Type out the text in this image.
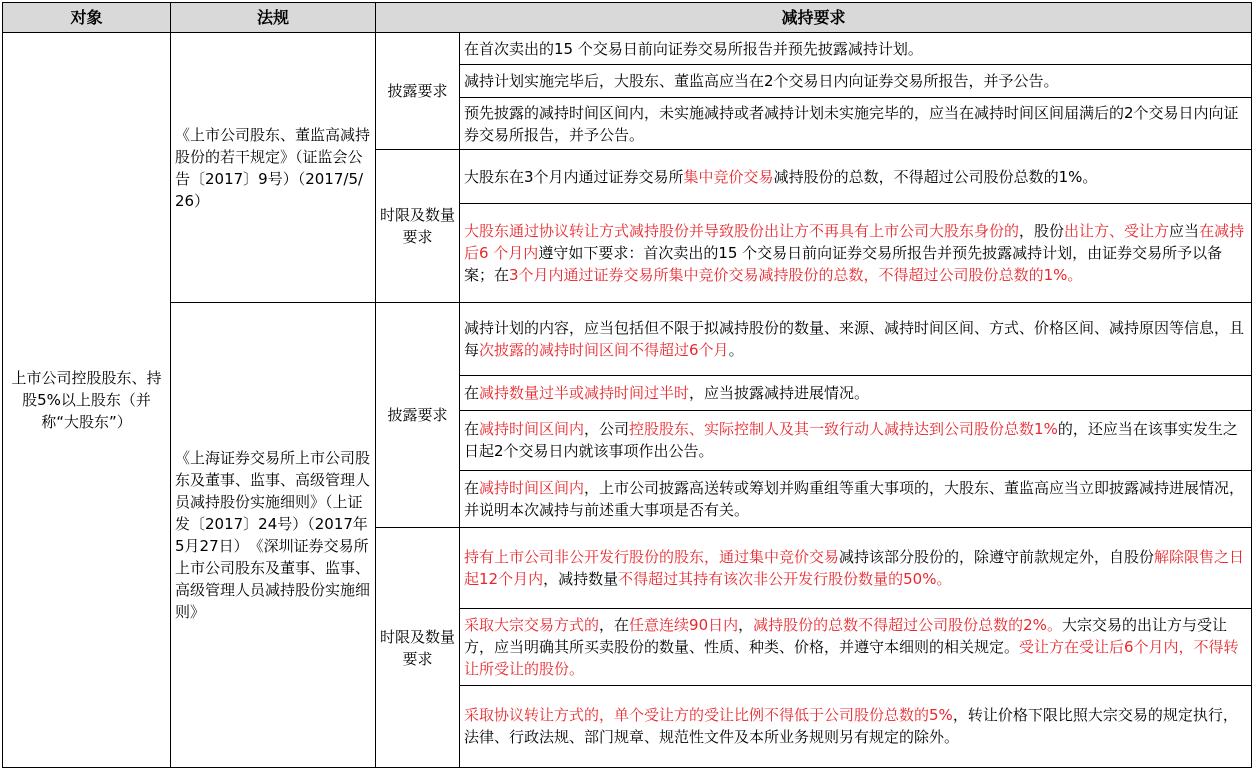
对象	法规	减持要求	
上市公司控股股东、持股5%以上股东（并称“大股东”）	《上市公司股东、董监高减持股份的若干规定》（证监会公告〔2017〕9号）（2017/5/26）	披露要求	在首次卖出的15 个交易日前向证券交易所报告并预先披露减持计划。
			减持计划实施完毕后，大股东、董监高应当在2个交易日内向证券交易所报告，并予公告。
			预先披露的减持时间区间内，未实施减持或者减持计划未实施完毕的，应当在减持时间区间届满后的2个交易日内向证券交易所报告，并予公告。
		时限及数量要求	大股东在3个月内通过证券交易所集中竞价交易减持股份的总数，不得超过公司股份总数的1%。
			大股东通过协议转让方式减持股份并导致股份出让方不再具有上市公司大股东身份的，股份出让方、受让方应当在减持后6 个月内遵守如下要求：首次卖出的15 个交易日前向证券交易所报告并预先披露减持计划，由证券交易所予以备案；在3个月内通过证券交易所集中竞价交易减持股份的总数，不得超过公司股份总数的1%。
	《上海证券交易所上市公司股东及董事、监事、高级管理人员减持股份实施细则》（上证发〔2017〕24号）（2017年5月27日）　《深圳证券交易所上市公司股东及董事、监事、高级管理人员减持股份实施细则》	披露要求	减持计划的内容，应当包括但不限于拟减持股份的数量、来源、减持时间区间、方式、价格区间、减持原因等信息，且每次披露的减持时间区间不得超过6个月。
			在减持数量过半或减持时间过半时，应当披露减持进展情况。
			在减持时间区间内，公司控股股东、实际控制人及其一致行动人减持达到公司股份总数1%的，还应当在该事实发生之日起2个交易日内就该事项作出公告。
			在减持时间区间内，上市公司披露高送转或筹划并购重组等重大事项的，大股东、董监高应当立即披露减持进展情况，并说明本次减持与前述重大事项是否有关。
		时限及数量要求	持有上市公司非公开发行股份的股东，通过集中竞价交易减持该部分股份的，除遵守前款规定外，自股份解除限售之日起12个月内，减持数量不得超过其持有该次非公开发行股份数量的50%。
			采取大宗交易方式的，在任意连续90日内，减持股份的总数不得超过公司股份总数的2%。大宗交易的出让方与受让方，应当明确其所买卖股份的数量、性质、种类、价格，并遵守本细则的相关规定。受让方在受让后6个月内，不得转让所受让的股份。
			采取协议转让方式的，单个受让方的受让比例不得低于公司股份总数的5%，转让价格下限比照大宗交易的规定执行，法律、行政法规、部门规章、规范性文件及本所业务规则另有规定的除外。
